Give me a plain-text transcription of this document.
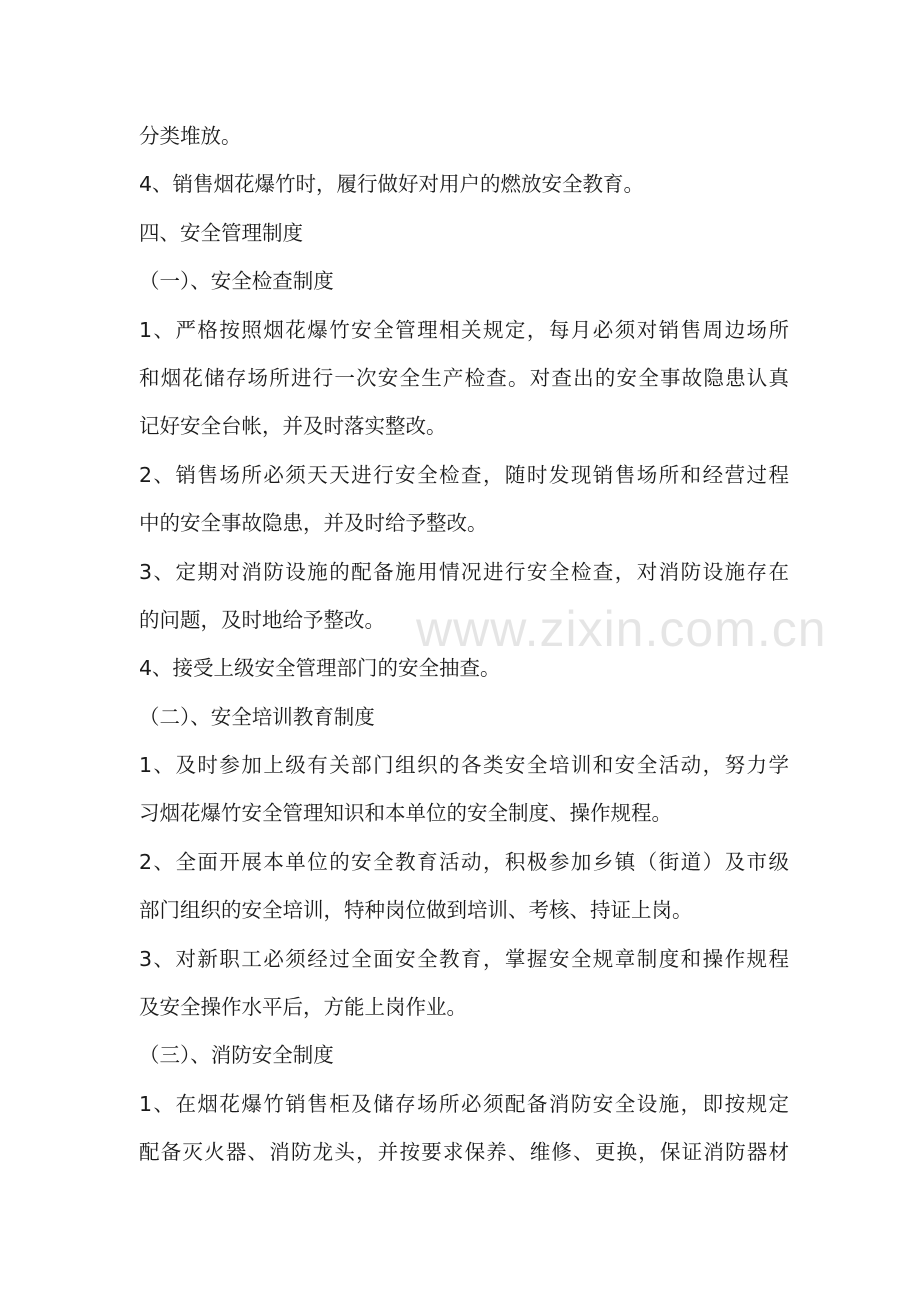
分类堆放。
4、销售烟花爆竹时，履行做好对用户的燃放安全教育。
四、安全管理制度
（一）、安全检查制度
1、严格按照烟花爆竹安全管理相关规定，每月必须对销售周边场所
和烟花储存场所进行一次安全生产检查。对查出的安全事故隐患认真
记好安全台帐，并及时落实整改。
2、销售场所必须天天进行安全检查，随时发现销售场所和经营过程
中的安全事故隐患，并及时给予整改。
3、定期对消防设施的配备施用情况进行安全检查，对消防设施存在
的问题，及时地给予整改。
4、接受上级安全管理部门的安全抽查。
（二）、安全培训教育制度
1、及时参加上级有关部门组织的各类安全培训和安全活动，努力学
习烟花爆竹安全管理知识和本单位的安全制度、操作规程。
2、全面开展本单位的安全教育活动，积极参加乡镇（街道）及市级
部门组织的安全培训，特种岗位做到培训、考核、持证上岗。
3、对新职工必须经过全面安全教育，掌握安全规章制度和操作规程
及安全操作水平后，方能上岗作业。
（三）、消防安全制度
1、在烟花爆竹销售柜及储存场所必须配备消防安全设施，即按规定
配备灭火器、消防龙头，并按要求保养、维修、更换，保证消防器材
www.zixin.com.cn
